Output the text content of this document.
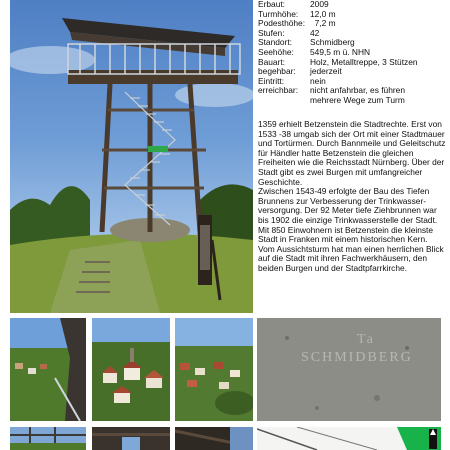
Erbaut:	2009
Turmhöhe:	12,0 m
Podesthöhe: 7,2 m
Stufen:	42
Standort:	Schmidberg
Seehöhe:	549,5 m ü. NHN
Bauart:	Holz, Metalltreppe, 3 Stützen
begehbar:	jederzeit
Eintritt:	nein
erreichbar:	nicht anfahrbar, es führen
mehrere Wege zum Turm

1359 erhielt Betzenstein die Stadtrechte. Erst von 1533 -38 umgab sich der Ort mit einer Stadtmauer und Tortürmen. Durch Bannmeile und Geleitschutz für Händler hatte Betzenstein die gleichen Freiheiten wie die Reichsstadt Nürnberg. Über der Stadt gibt es zwei Burgen mit umfangreicher Geschichte.

Zwischen 1543-49 erfolgte der Bau des Tiefen Brunnens zur Verbesserung der Trinkwasser-versorgung. Der 92 Meter tiefe Ziehbrunnen war bis 1902 die einzige Trinkwasserstelle der Stadt.

Mit 850 Einwohnern ist Betzenstein die kleinste Stadt in Franken mit einem historischen Kern.

Vom Aussichtsturm hat man einen herrlichen Blick auf die Stadt mit ihren Fachwerkhäusern, den beiden Burgen und der Stadtpfarrkirche.

Ta
SCHMIDBERG
